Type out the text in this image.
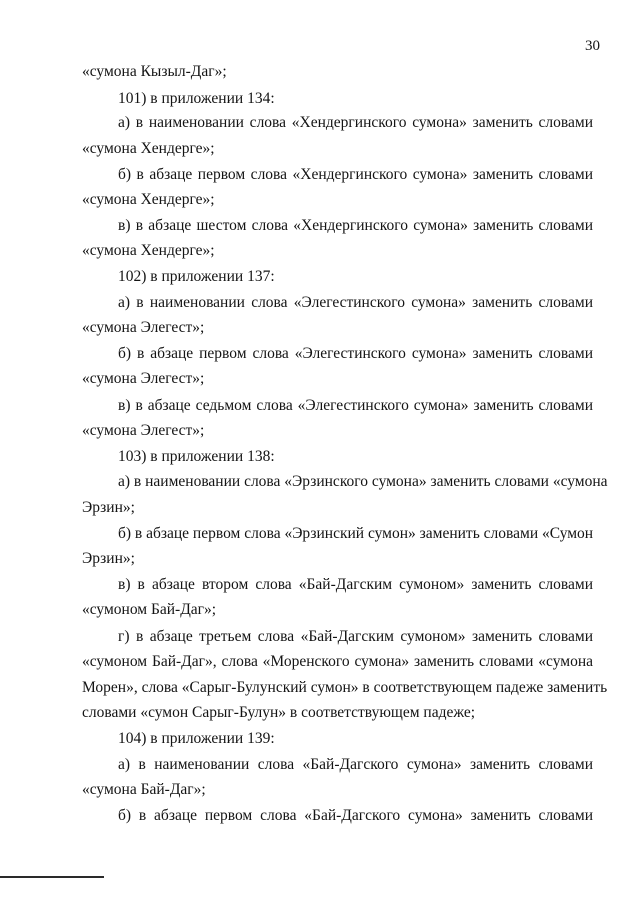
30
«сумона Кызыл-Даг»;
101) в приложении 134:
а) в наименовании слова «Хендергинского сумона» заменить словами
«сумона Хендерге»;
б) в абзаце первом слова «Хендергинского сумона» заменить словами
«сумона Хендерге»;
в) в абзаце шестом слова «Хендергинского сумона» заменить словами
«сумона Хендерге»;
102) в приложении 137:
а) в наименовании слова «Элегестинского сумона» заменить словами
«сумона Элегест»;
б) в абзаце первом слова «Элегестинского сумона» заменить словами
«сумона Элегест»;
в) в абзаце седьмом слова «Элегестинского сумона» заменить словами
«сумона Элегест»;
103) в приложении 138:
а) в наименовании слова «Эрзинского сумона» заменить словами «сумона
Эрзин»;
б) в абзаце первом слова «Эрзинский сумон» заменить словами «Сумон
Эрзин»;
в) в абзаце втором слова «Бай-Дагским сумоном» заменить словами
«сумоном Бай-Даг»;
г) в абзаце третьем слова «Бай-Дагским сумоном» заменить словами
«сумоном Бай-Даг», слова «Моренского сумона» заменить словами «сумона
Морен», слова «Сарыг-Булунский сумон» в соответствующем падеже заменить
словами «сумон Сарыг-Булун» в соответствующем падеже;
104) в приложении 139:
а) в наименовании слова «Бай-Дагского сумона» заменить словами
«сумона Бай-Даг»;
б) в абзаце первом слова «Бай-Дагского сумона» заменить словами
